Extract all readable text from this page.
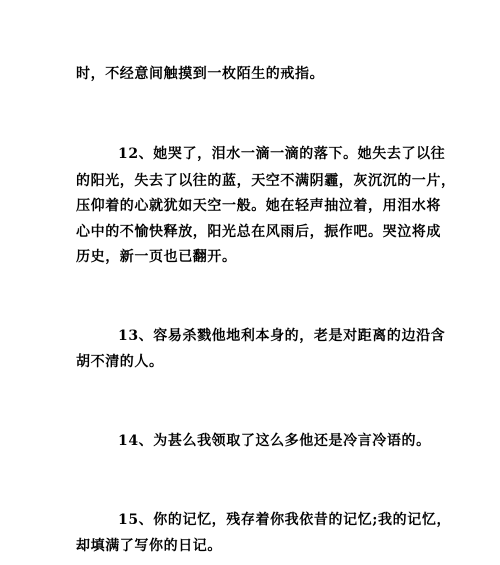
时，不经意间触摸到一枚陌生的戒指。
12、她哭了，泪水一滴一滴的落下。她失去了以往
的阳光，失去了以往的蓝，天空不满阴霾，灰沉沉的一片，
压仰着的心就犹如天空一般。她在轻声抽泣着，用泪水将
心中的不愉快释放，阳光总在风雨后，振作吧。哭泣将成
历史，新一页也已翻开。
13、容易杀戮他地利本身的，老是对距离的边沿含
胡不清的人。
14、为甚么我领取了这么多他还是冷言冷语的。
15、你的记忆，残存着你我依昔的记忆;我的记忆，
却填满了写你的日记。
